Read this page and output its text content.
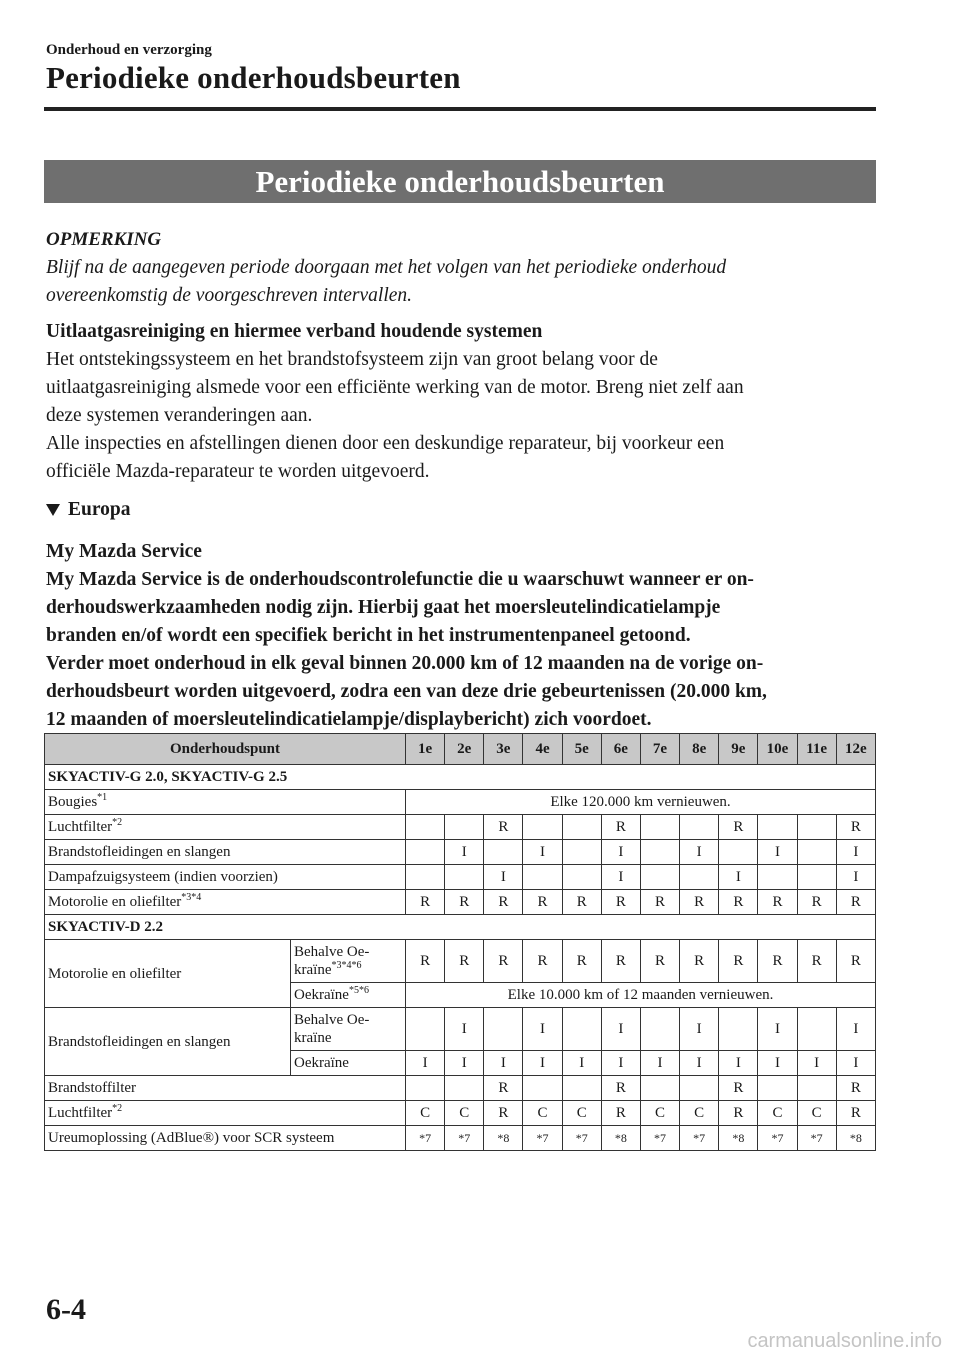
Onderhoud en verzorging
Periodieke onderhoudsbeurten
Periodieke onderhoudsbeurten

OPMERKING

Blijf na de aangegeven periode doorgaan met het volgen van het periodieke onderhoud

overeenkomstig de voorgeschreven intervallen.

Uitlaatgasreiniging en hiermee verband houdende systemen

Het ontstekingssysteem en het brandstofsysteem zijn van groot belang voor de

uitlaatgasreiniging alsmede voor een efficiënte werking van de motor. Breng niet zelf aan

deze systemen veranderingen aan.

Alle inspecties en afstellingen dienen door een deskundige reparateur, bij voorkeur een

officiële Mazda-reparateur te worden uitgevoerd.

Europa

My Mazda Service

My Mazda Service is de onderhoudscontrolefunctie die u waarschuwt wanneer er on-

derhoudswerkzaamheden nodig zijn. Hierbij gaat het moersleutelindicatielampje

branden en/of wordt een specifiek bericht in het instrumentenpaneel getoond.

Verder moet onderhoud in elk geval binnen 20.000 km of 12 maanden na de vorige on-

derhoudsbeurt worden uitgevoerd, zodra een van deze drie gebeurtenissen (20.000 km,

12 maanden of moersleutelindicatielampje/displaybericht) zich voordoet.

Onderhoudspunt		1e	2e	3e	4e	5e	6e	7e	8e	9e	10e	11e	12e
SKYACTIV-G 2.0, SKYACTIV-G 2.5													
Bougies$^{*1}$		Elke 120.000 km vernieuwen.											
Luchtfilter$^{*2}$				R			R			R			R
Brandstofleidingen en slangen			I		I		I		I		I		I
Dampafzuigsysteem (indien voorzien)				I			I			I			I
Motorolie en oliefilter$^{*3*4}$		R	R	R	R	R	R	R	R	R	R	R	R
SKYACTIV-D 2.2													
Motorolie en oliefilter	Behalve Oe-
kraïne$^{*3*4*6}$	R	R	R	R	R	R	R	R	R	R	R	R
	Oekraïne$^{*5*6}$	Elke 10.000 km of 12 maanden vernieuwen.											
Brandstofleidingen en slangen	Behalve Oe-
kraïne		I		I		I		I		I		I
	Oekraïne	I	I	I	I	I	I	I	I	I	I	I	I
Brandstoffilter				R			R			R			R
Luchtfilter$^{*2}$		C	C	R	C	C	R	C	C	R	C	C	R
Ureumoplossing (AdBlue®) voor SCR systeem		*7	*7	*8	*7	*7	*8	*7	*7	*8	*7	*7	*8
6-4
carmanualsonline.info
